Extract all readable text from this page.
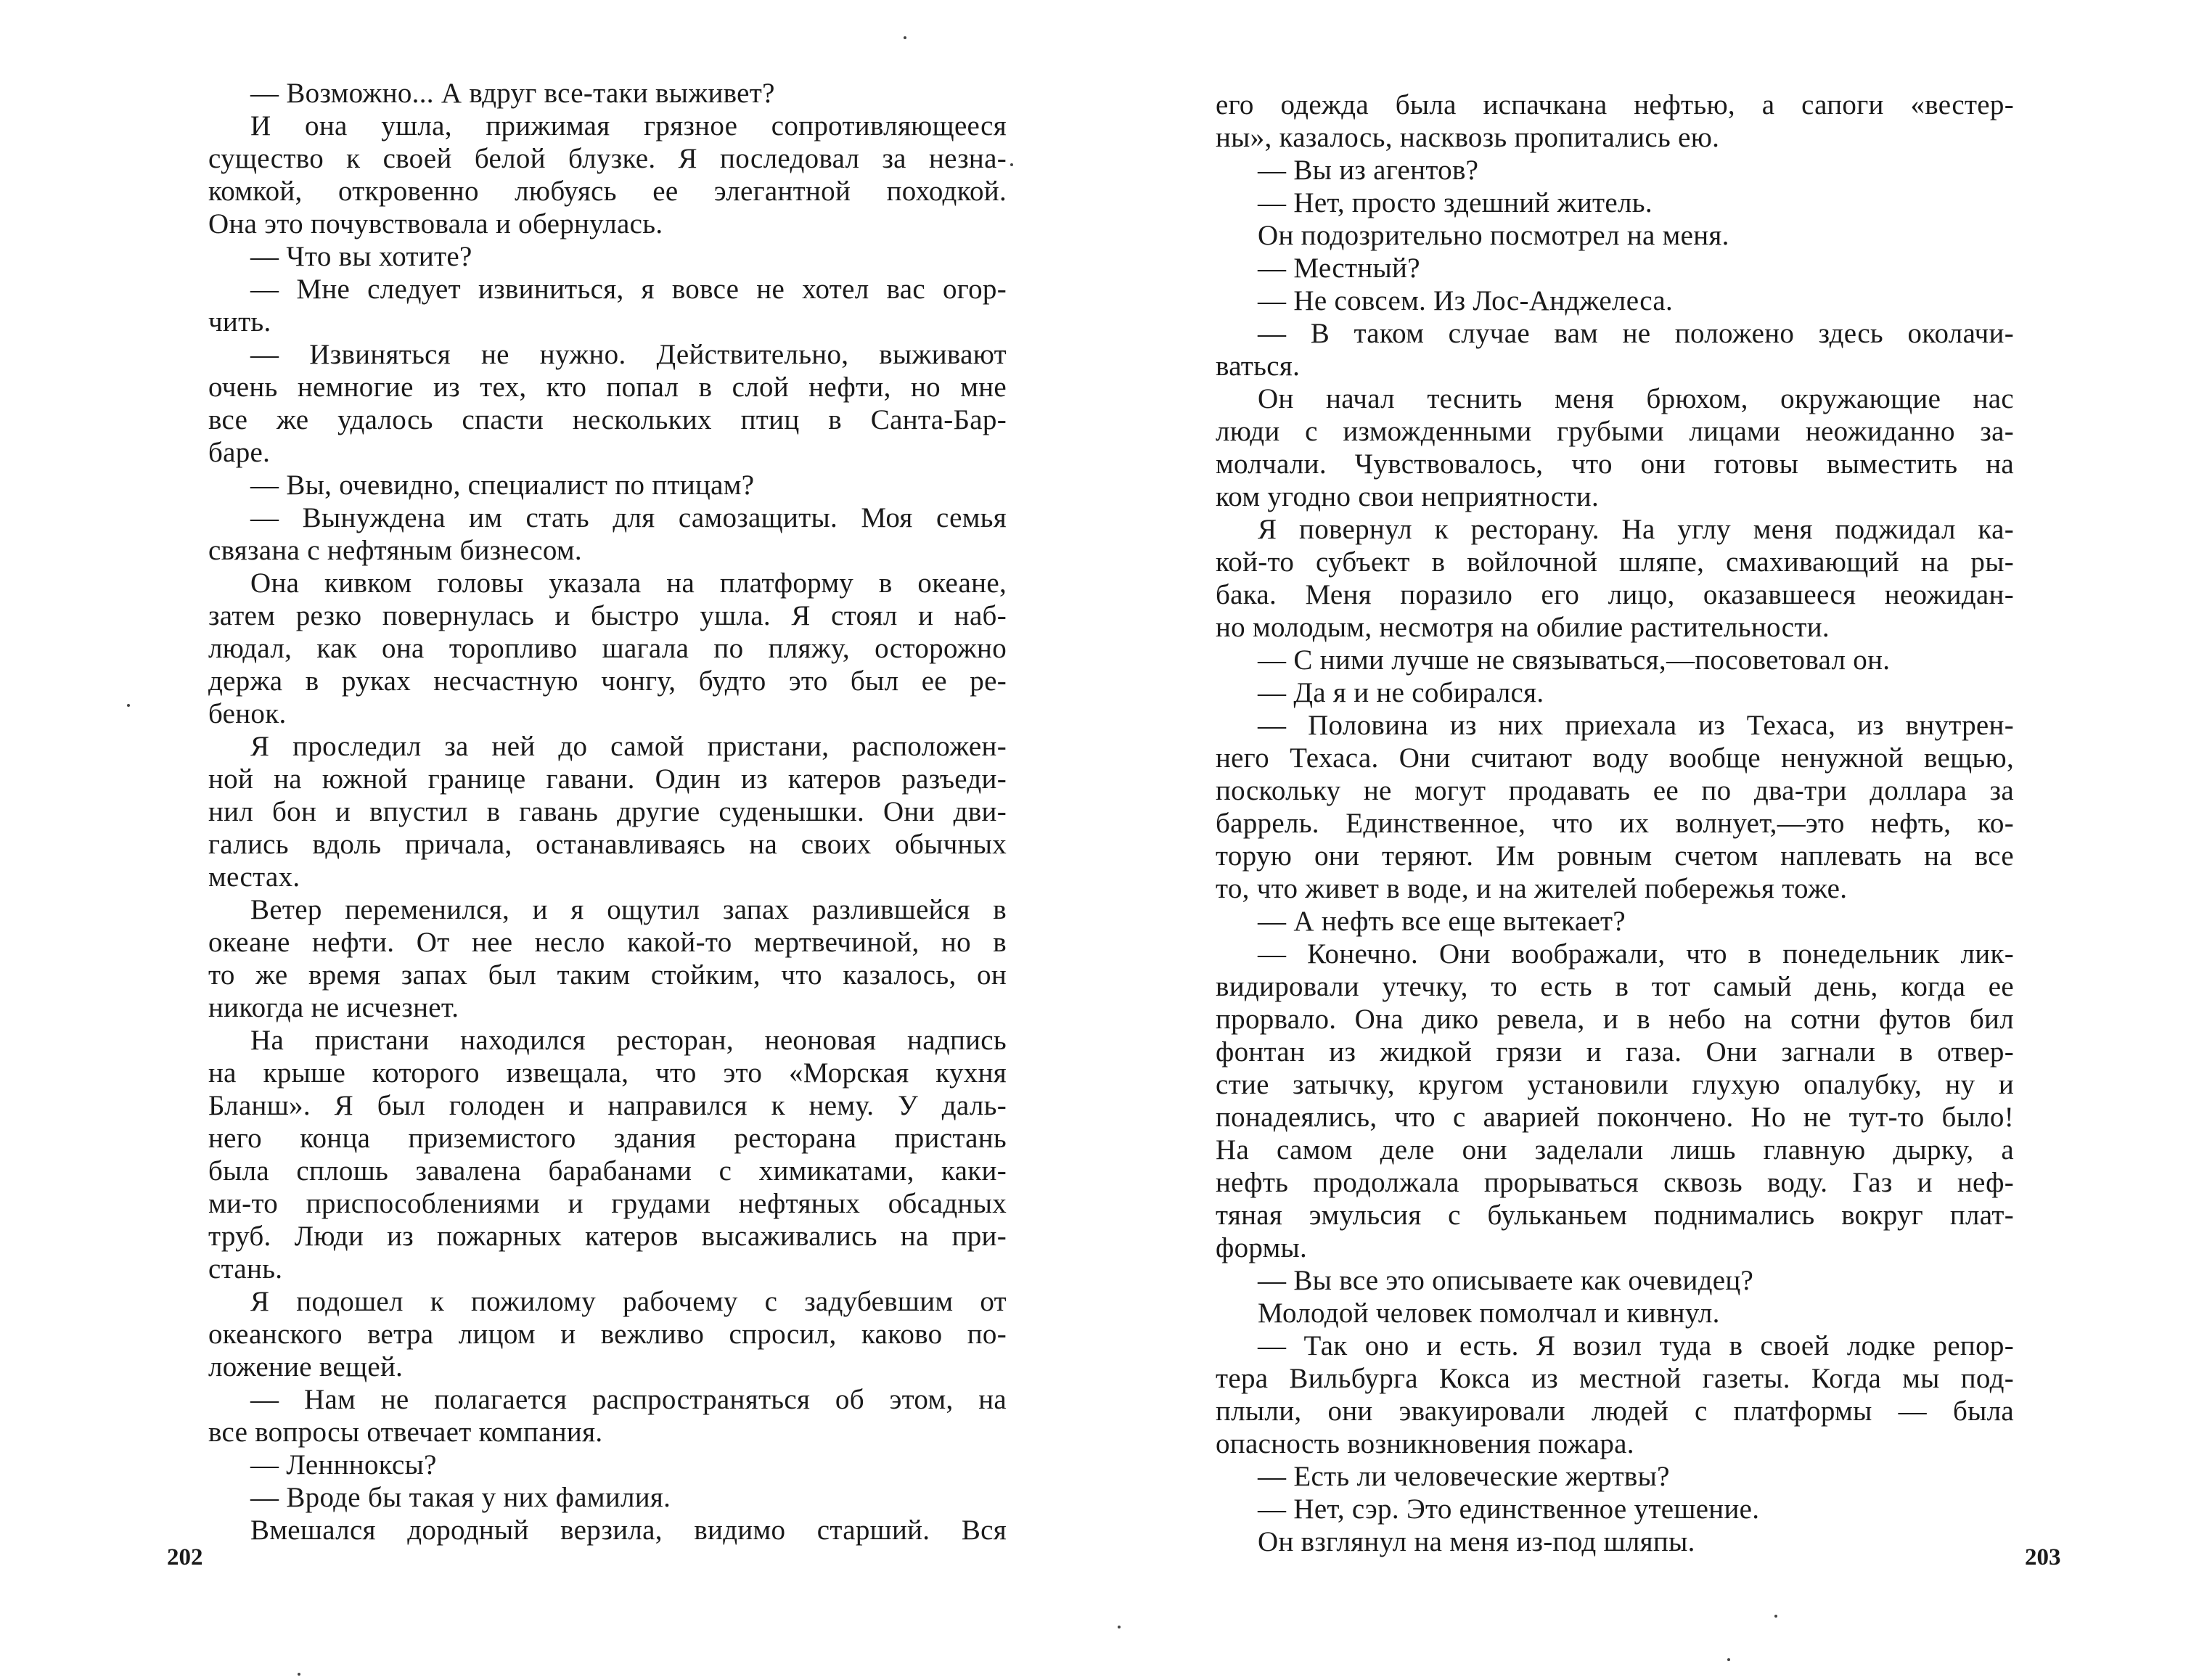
— Возможно... А вдруг все-таки выживет?
И она ушла, прижимая грязное сопротивляющееся
существо к своей белой блузке. Я последовал за незна-
комкой, откровенно любуясь ее элегантной походкой.
Она это почувствовала и обернулась.
— Что вы хотите?
— Мне следует извиниться, я вовсе не хотел вас огор-
чить.
— Извиняться не нужно. Действительно, выживают
очень немногие из тех, кто попал в слой нефти, но мне
все же удалось спасти нескольких птиц в Санта-Бар-
баре.
— Вы, очевидно, специалист по птицам?
— Вынуждена им стать для самозащиты. Моя семья
связана с нефтяным бизнесом.
Она кивком головы указала на платформу в океане,
затем резко повернулась и быстро ушла. Я стоял и наб-
людал, как она торопливо шагала по пляжу, осторожно
держа в руках несчастную чонгу, будто это был ее ре-
бенок.
Я проследил за ней до самой пристани, расположен-
ной на южной границе гавани. Один из катеров разъеди-
нил бон и впустил в гавань другие суденышки. Они дви-
гались вдоль причала, останавливаясь на своих обычных
местах.
Ветер переменился, и я ощутил запах разлившейся в
океане нефти. От нее несло какой-то мертвечиной, но в
то же время запах был таким стойким, что казалось, он
никогда не исчезнет.
На пристани находился ресторан, неоновая надпись
на крыше которого извещала, что это «Морская кухня
Бланш». Я был голоден и направился к нему. У даль-
него конца приземистого здания ресторана пристань
была сплошь завалена барабанами с химикатами, каки-
ми-то приспособлениями и грудами нефтяных обсадных
труб. Люди из пожарных катеров высаживались на при-
стань.
Я подошел к пожилому рабочему с задубевшим от
океанского ветра лицом и вежливо спросил, каково по-
ложение вещей.
— Нам не полагается распространяться об этом, на
все вопросы отвечает компания.
— Леннноксы?
— Вроде бы такая у них фамилия.
Вмешался дородный верзила, видимо старший. Вся
202
его одежда была испачкана нефтью, а сапоги «вестер-
ны», казалось, насквозь пропитались ею.
— Вы из агентов?
— Нет, просто здешний житель.
Он подозрительно посмотрел на меня.
— Местный?
— Не совсем. Из Лос-Анджелеса.
— В таком случае вам не положено здесь околачи-
ваться.
Он начал теснить меня брюхом, окружающие нас
люди с изможденными грубыми лицами неожиданно за-
молчали. Чувствовалось, что они готовы выместить на
ком угодно свои неприятности.
Я повернул к ресторану. На углу меня поджидал ка-
кой-то субъект в войлочной шляпе, смахивающий на ры-
бака. Меня поразило его лицо, оказавшееся неожидан-
но молодым, несмотря на обилие растительности.
— С ними лучше не связываться,—посоветовал он.
— Да я и не собирался.
— Половина из них приехала из Техаса, из внутрен-
него Техаса. Они считают воду вообще ненужной вещью,
поскольку не могут продавать ее по два-три доллара за
баррель. Единственное, что их волнует,—это нефть, ко-
торую они теряют. Им ровным счетом наплевать на все
то, что живет в воде, и на жителей побережья тоже.
— А нефть все еще вытекает?
— Конечно. Они воображали, что в понедельник лик-
видировали утечку, то есть в тот самый день, когда ее
прорвало. Она дико ревела, и в небо на сотни футов бил
фонтан из жидкой грязи и газа. Они загнали в отвер-
стие затычку, кругом установили глухую опалубку, ну и
понадеялись, что с аварией покончено. Но не тут-то было!
На самом деле они заделали лишь главную дырку, а
нефть продолжала прорываться сквозь воду. Газ и неф-
тяная эмульсия с бульканьем поднимались вокруг плат-
формы.
— Вы все это описываете как очевидец?
Молодой человек помолчал и кивнул.
— Так оно и есть. Я возил туда в своей лодке репор-
тера Вильбурга Кокса из местной газеты. Когда мы под-
плыли, они эвакуировали людей с платформы — была
опасность возникновения пожара.
— Есть ли человеческие жертвы?
— Нет, сэр. Это единственное утешение.
Он взглянул на меня из-под шляпы.	203
